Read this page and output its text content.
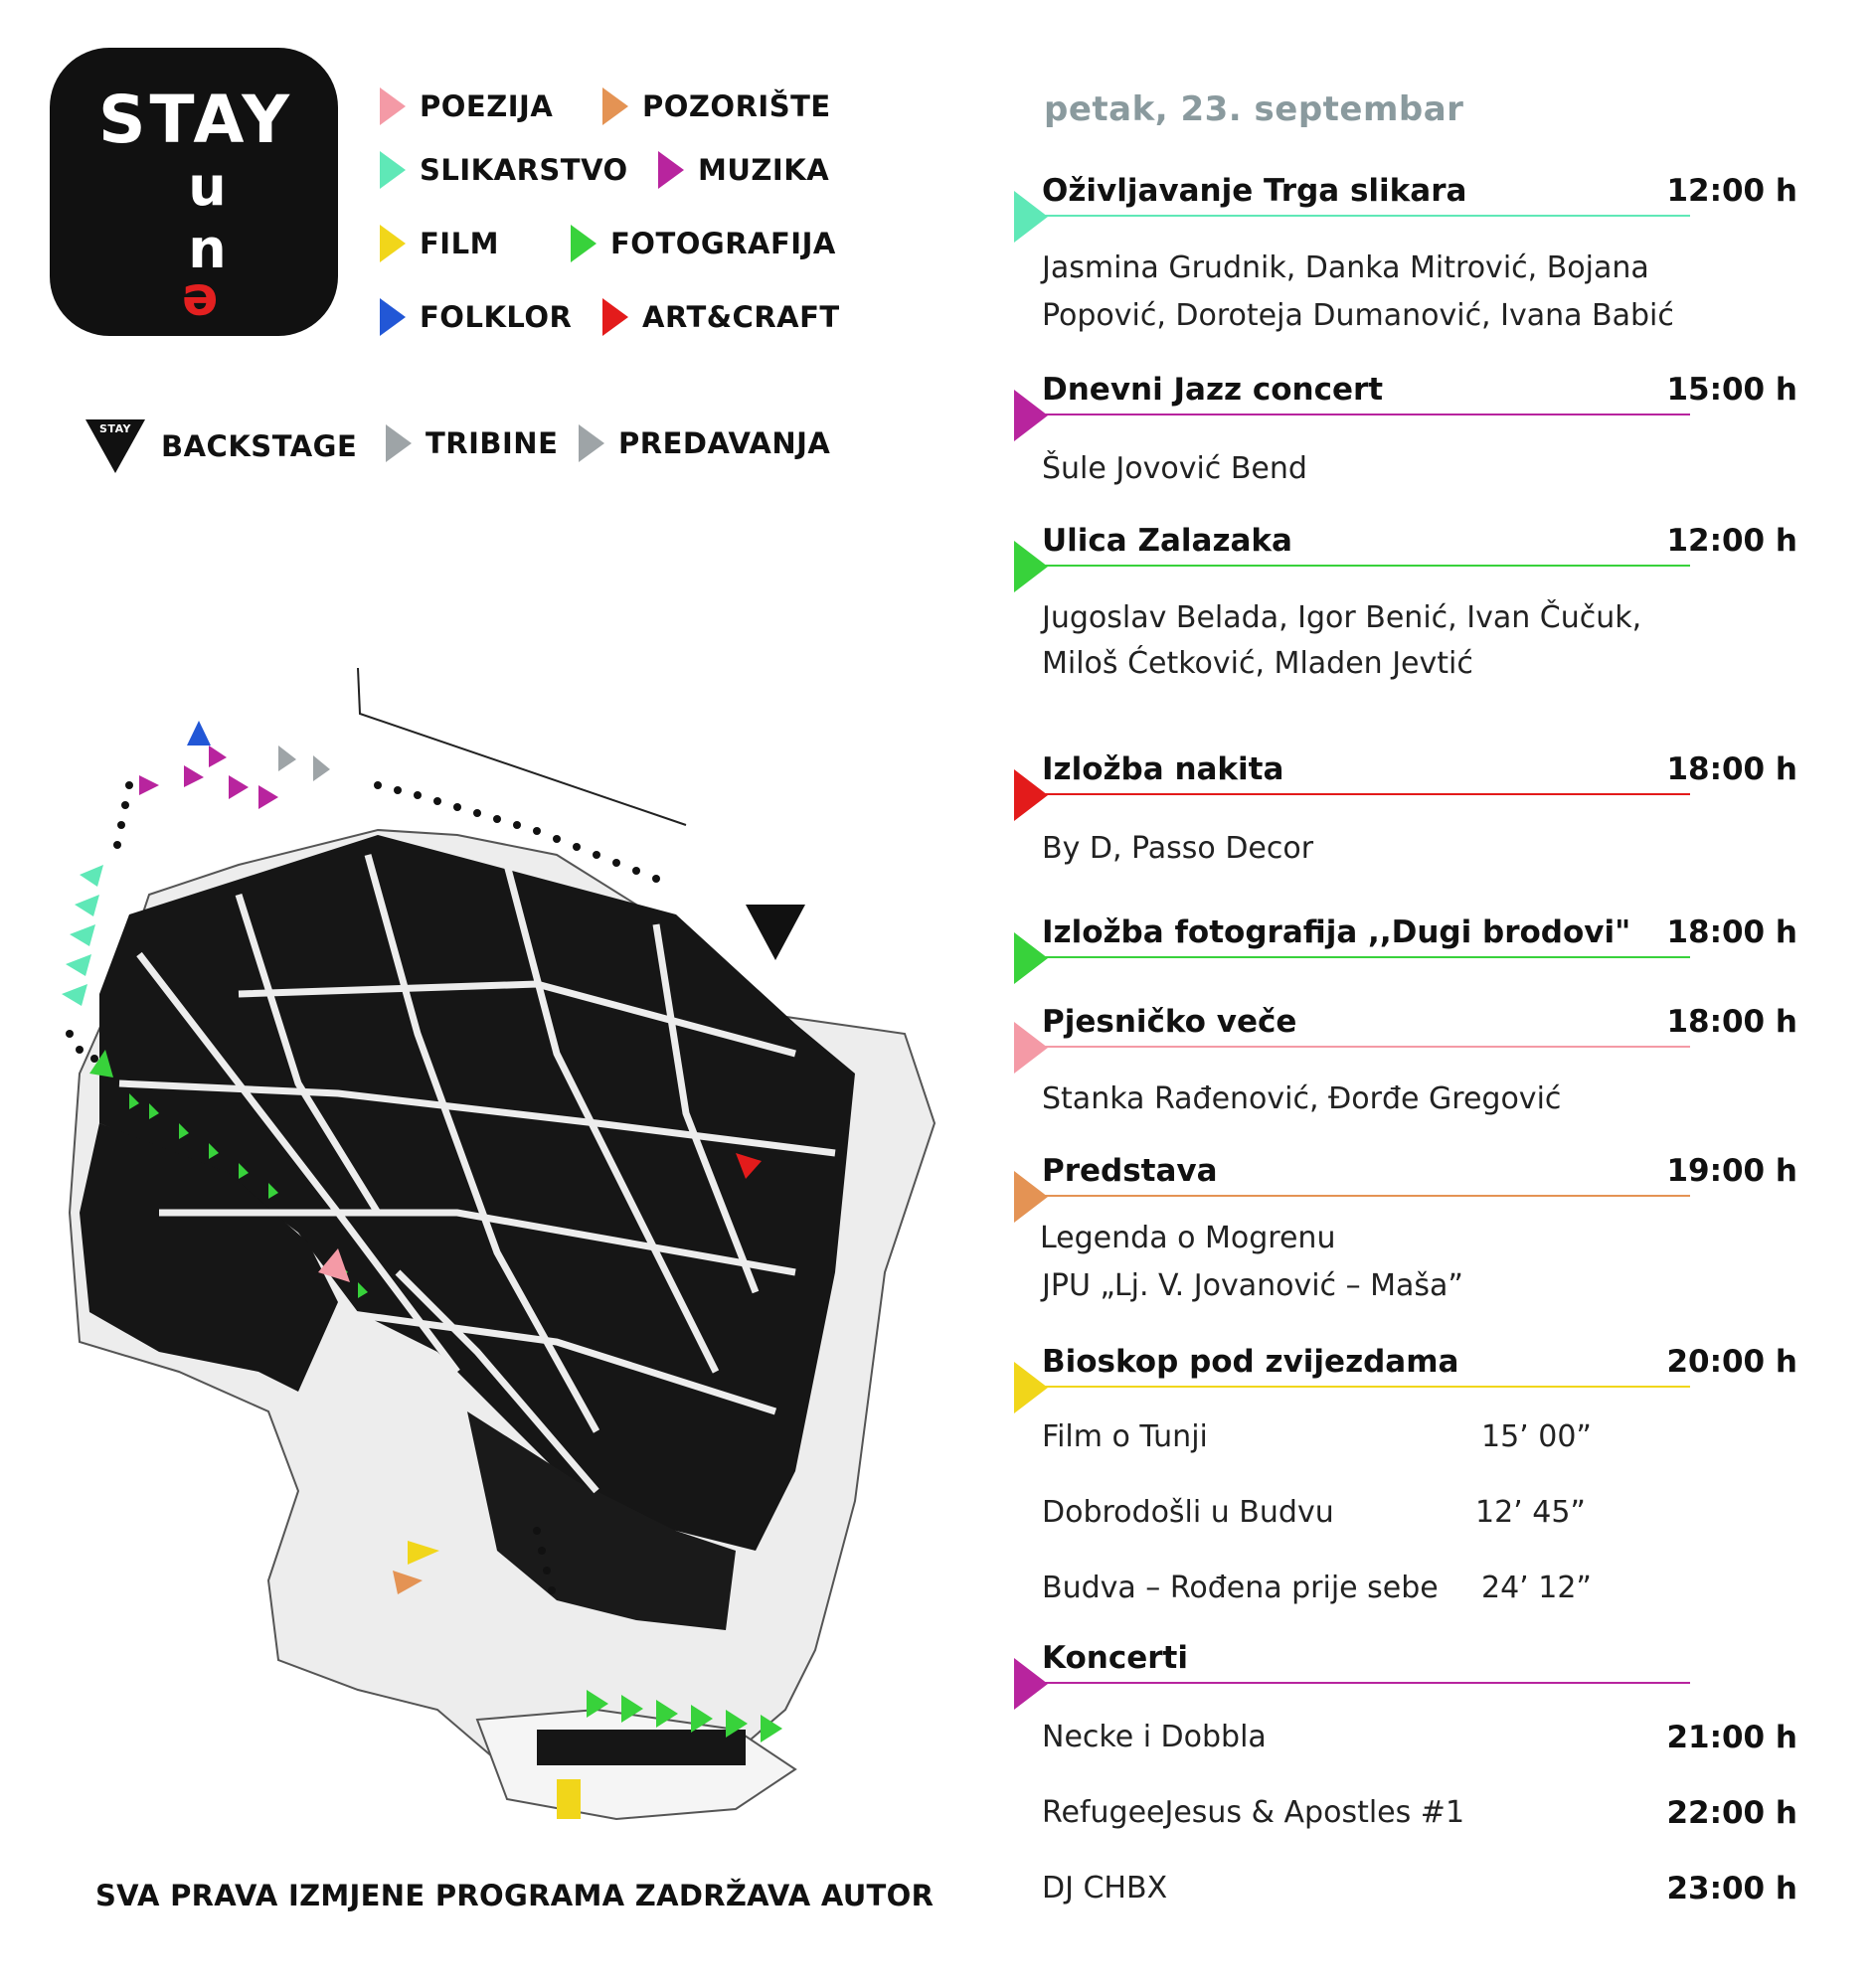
STAY
un
e
POEZIJA	POZORIŠTE
SLIKARSTVO MUZIKA
FILM	FOTOGRAFIJA
FOLKLOR ART&CRAFT
STAY
BACKSTAGE TRIBINE PREDAVANJA
petak, 23. septembar
Oživljavanje Trga slikara	12:00 h
Jasmina Grudnik, Danka Mitrović, Bojana
Popović, Doroteja Dumanović, Ivana Babić
Dnevni Jazz concert	15:00 h
Šule Jovović Bend
Ulica Zalazaka	12:00 h
Jugoslav Belada, Igor Benić, Ivan Čučuk,
Miloš Ćetković, Mladen Jevtić
Izložba nakita	18:00 h
By D, Passo Decor
Izložba fotografija ,,Dugi brodovi" 18:00 h
Pjesničko veče	18:00 h
Stanka Rađenović, Đorđe Gregović
Predstava	19:00 h
Legenda o Mogrenu
JPU „Lj. V. Jovanović – Maša”
Bioskop pod zvijezdama	20:00 h
Film o Tunji	15’ 00”
Dobrodošli u Budvu	12’ 45”
Budva – Rođena prije sebe 24’ 12”
Koncerti
Necke i Dobbla	21:00 h
RefugeeJesus & Apostles #1	22:00 h
DJ CHBX	23:00 h
SVA PRAVA IZMJENE PROGRAMA ZADRŽAVA AUTOR
